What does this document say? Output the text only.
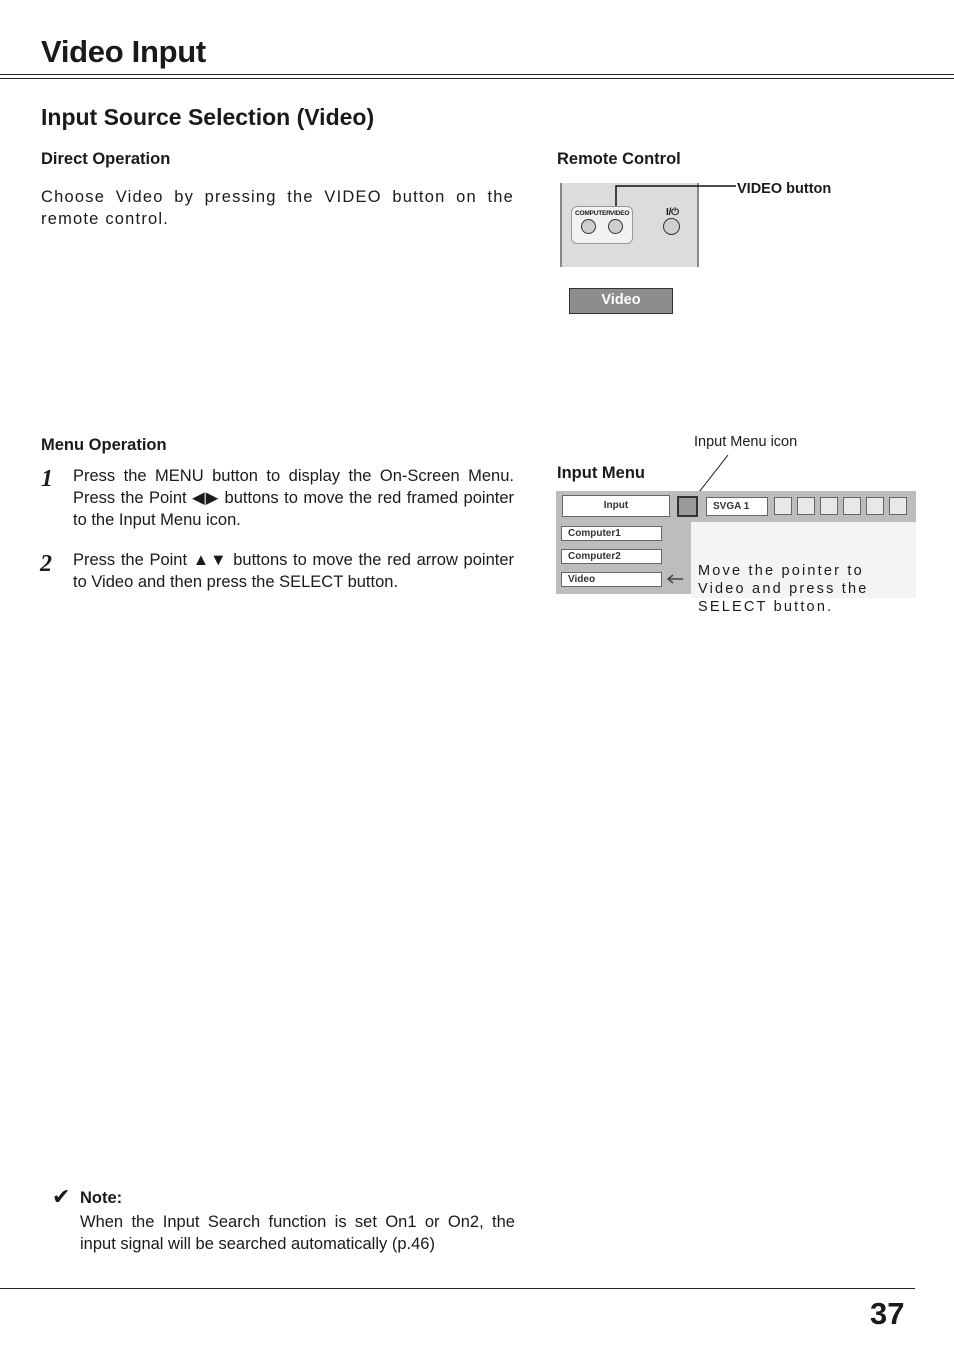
Video Input
Input Source Selection (Video)
Direct Operation
Choose Video by pressing the VIDEO button on the remote control.
Remote Control
COMPUTER VIDEO	I/⏻
VIDEO button
Video
Menu Operation
1 Press the MENU button to display the On-Screen Menu. Press the Point ◀▶ buttons to move the red framed pointer to the Input Menu icon.
2 Press the Point ▲▼ buttons to move the red arrow pointer to Video and then press the SELECT button.
Input Menu icon
Input Menu
Input	SVGA 1
Computer1
Computer2
Video
Move the pointer to Video and press the SELECT button.
✔ Note:
When the Input Search function is set On1 or On2, the input signal will be searched automatically (p.46)
37
